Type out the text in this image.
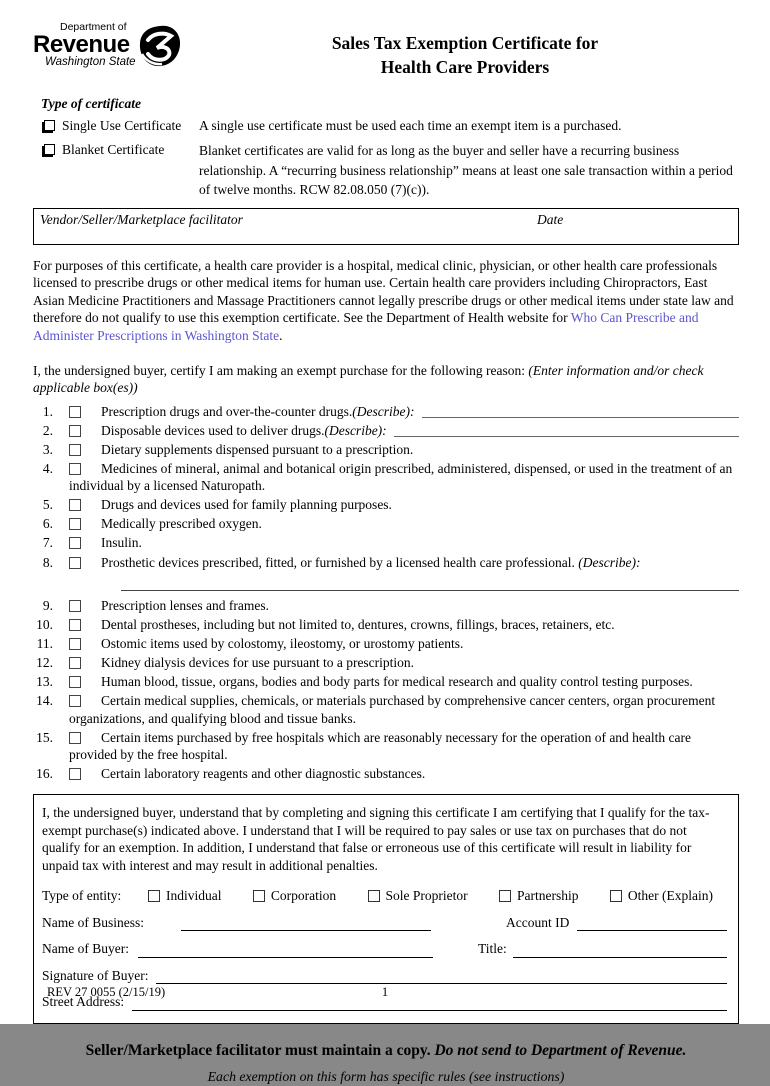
Department of
Revenue
Washington State
Sales Tax Exemption Certificate for
Health Care Providers
Type of certificate
Single Use Certificate	A single use certificate must be used each time an exempt item is a purchased.
Blanket Certificate	Blanket certificates are valid for as long as the buyer and seller have a recurring business relationship. A “recurring business relationship” means at least one sale transaction within a period of twelve months. RCW 82.08.050 (7)(c)).
Vendor/Seller/Marketplace facilitator	Date
For purposes of this certificate, a health care provider is a hospital, medical clinic, physician, or other health care professionals licensed to prescribe drugs or other medical items for human use. Certain health care providers including Chiropractors, East Asian Medicine Practitioners and Massage Practitioners cannot legally prescribe drugs or other medical items under state law and therefore do not qualify to use this exemption certificate. See the Department of Health website for Who Can Prescribe and Administer Prescriptions in Washington State.
I, the undersigned buyer, certify I am making an exempt purchase for the following reason: (Enter information and/or check applicable box(es))
1.	Prescription drugs and over-the-counter drugs. (Describe):
2.	Disposable devices used to deliver drugs. (Describe):
3.	Dietary supplements dispensed pursuant to a prescription.
4.	Medicines of mineral, animal and botanical origin prescribed, administered, dispensed, or used in the treatment of an individual by a licensed Naturopath.
5.	Drugs and devices used for family planning purposes.
6.	Medically prescribed oxygen.
7.	Insulin.
8.	Prosthetic devices prescribed, fitted, or furnished by a licensed health care professional. (Describe):
9.	Prescription lenses and frames.
10.	Dental prostheses, including but not limited to, dentures, crowns, fillings, braces, retainers, etc.
11.	Ostomic items used by colostomy, ileostomy, or urostomy patients.
12.	Kidney dialysis devices for use pursuant to a prescription.
13.	Human blood, tissue, organs, bodies and body parts for medical research and quality control testing purposes.
14.	Certain medical supplies, chemicals, or materials purchased by comprehensive cancer centers, organ procurement organizations, and qualifying blood and tissue banks.
15.	Certain items purchased by free hospitals which are reasonably necessary for the operation of and health care provided by the free hospital.
16.	Certain laboratory reagents and other diagnostic substances.
I, the undersigned buyer, understand that by completing and signing this certificate I am certifying that I qualify for the tax-exempt purchase(s) indicated above. I understand that I will be required to pay sales or use tax on purchases that do not qualify for an exemption. In addition, I understand that false or erroneous use of this certificate will result in liability for unpaid tax with interest and may result in additional penalties.
Type of entity:	Individual	Corporation	Sole Proprietor	Partnership	Other (Explain)
Name of Business:	Account ID
Name of Buyer:	Title:
Signature of Buyer:
Street Address:
Seller/Marketplace facilitator must maintain a copy. Do not send to Department of Revenue.
Each exemption on this form has specific rules (see instructions)
REV 27 0055 (2/15/19)	1
